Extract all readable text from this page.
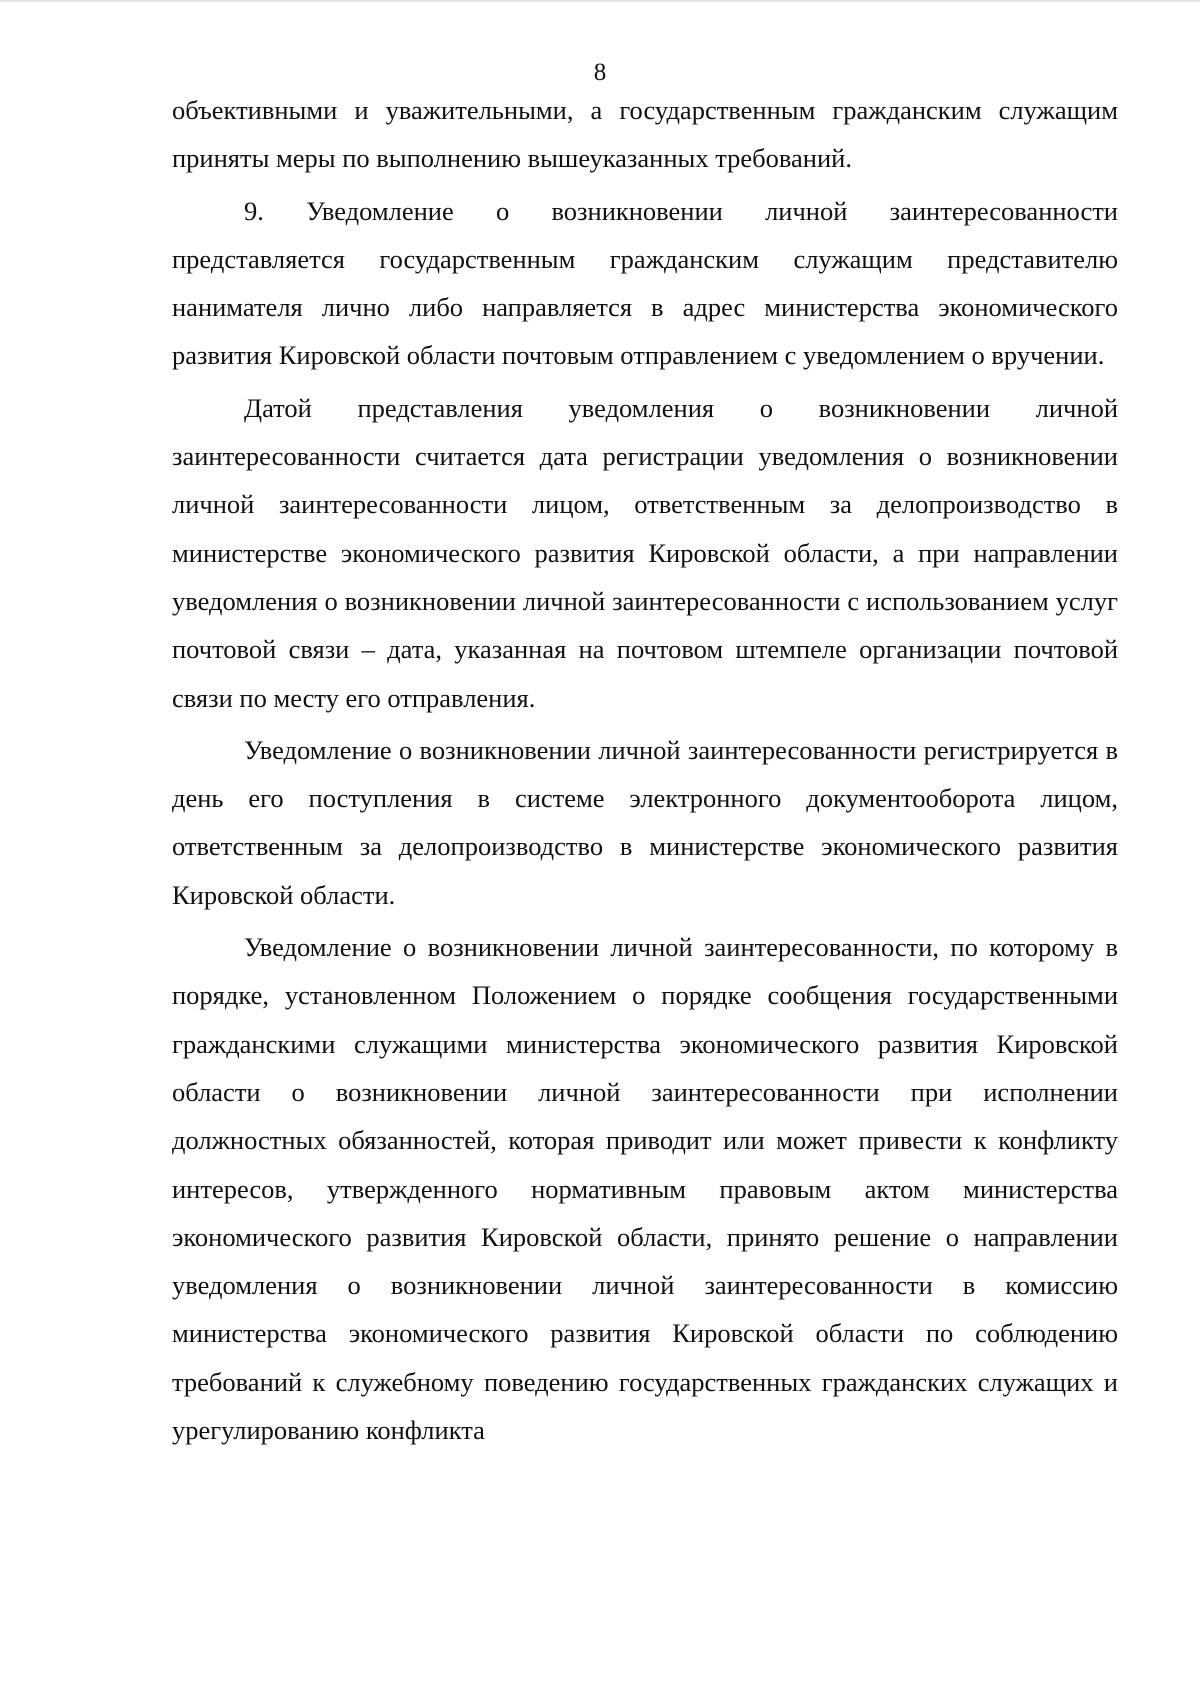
8

объективными и уважительными, а государственным гражданским служащим приняты меры по выполнению вышеуказанных требований.

9. Уведомление о возникновении личной заинтересованности представляется государственным гражданским служащим представителю нанимателя лично либо направляется в адрес министерства экономического развития Кировской области почтовым отправлением с уведомлением о вручении.

Датой представления уведомления о возникновении личной заинтересованности считается дата регистрации уведомления о возникновении личной заинтересованности лицом, ответственным за делопроизводство в министерстве экономического развития Кировской области, а при направлении уведомления о возникновении личной заинтересованности с использованием услуг почтовой связи – дата, указанная на почтовом штемпеле организации почтовой связи по месту его отправления.

Уведомление о возникновении личной заинтересованности регистрируется в день его поступления в системе электронного документооборота лицом, ответственным за делопроизводство в министерстве экономического развития Кировской области.

Уведомление о возникновении личной заинтересованности, по которому в порядке, установленном Положением о порядке сообщения государственными гражданскими служащими министерства экономического развития Кировской области о возникновении личной заинтересованности при исполнении должностных обязанностей, которая приводит или может привести к конфликту интересов, утвержденного нормативным правовым актом министерства экономического развития Кировской области, принято решение о направлении уведомления о возникновении личной заинтересованности в комиссию министерства экономического развития Кировской области по соблюдению требований к служебному поведению государственных гражданских служащих и урегулированию конфликта
